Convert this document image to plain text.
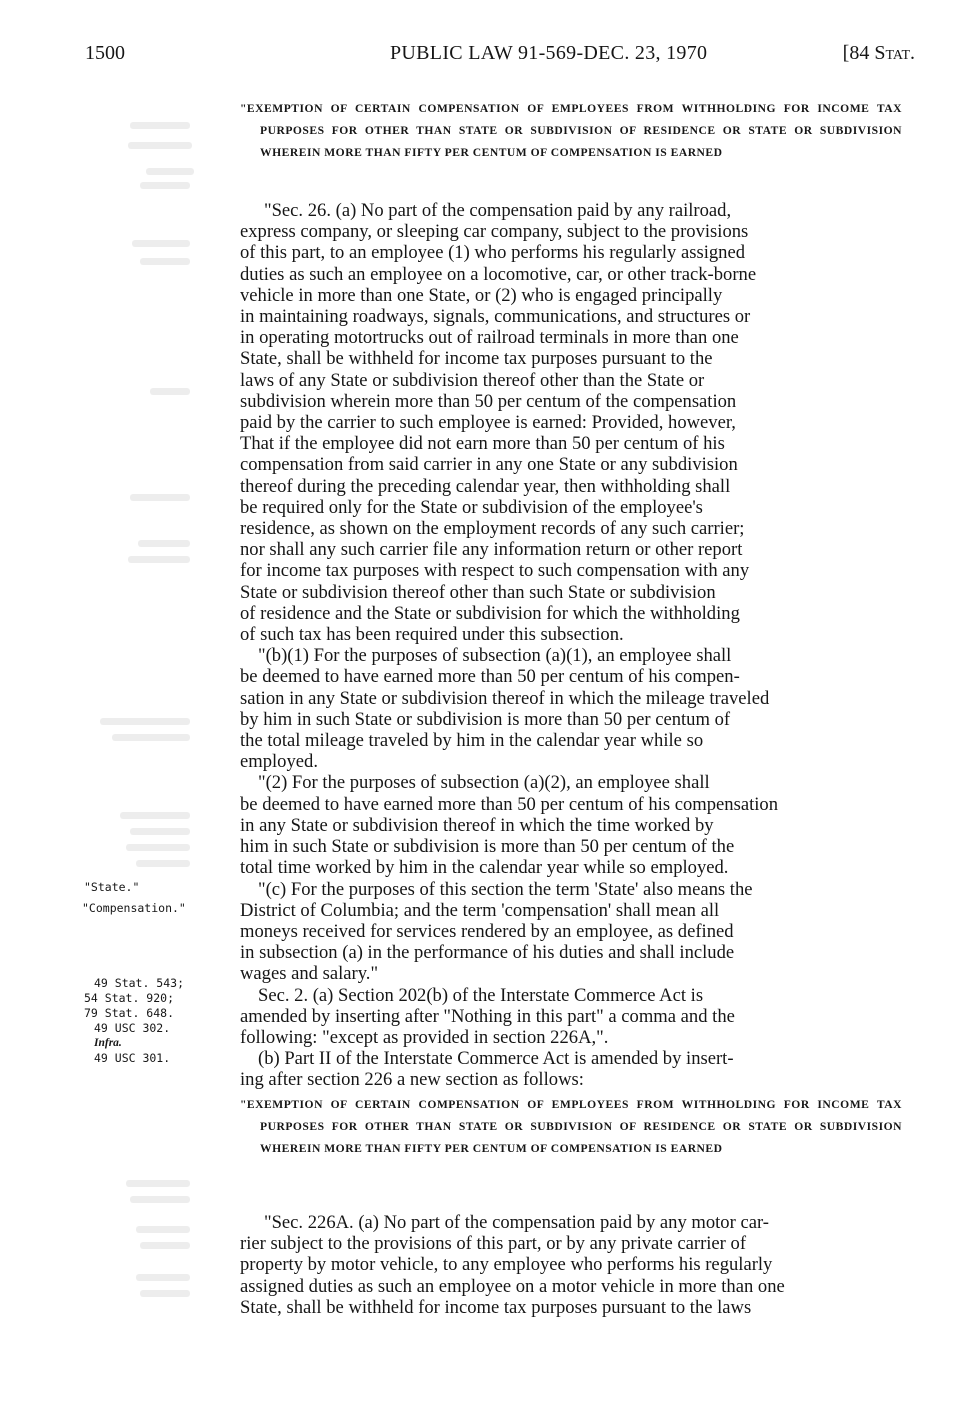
1500	PUBLIC LAW 91-569-DEC. 23, 1970	[84 Stat.

"EXEMPTION OF CERTAIN COMPENSATION OF EMPLOYEES FROM WITHHOLDING FOR INCOME TAX PURPOSES FOR OTHER THAN STATE OR SUBDIVISION OF RESIDENCE OR STATE OR SUBDIVISION WHEREIN MORE THAN FIFTY PER CENTUM OF COMPENSATION IS EARNED

"Sec. 26. (a) No part of the compensation paid by any railroad,
express company, or sleeping car company, subject to the provisions

of this part, to an employee (1) who performs his regularly assigned
duties as such an employee on a locomotive, car, or other track-borne
vehicle in more than one State, or (2) who is engaged principally
in maintaining roadways, signals, communications, and structures or
in operating motortrucks out of railroad terminals in more than one
State, shall be withheld for income tax purposes pursuant to the
laws of any State or subdivision thereof other than the State or
subdivision wherein more than 50 per centum of the compensation
paid by the carrier to such employee is earned: Provided, however,
That if the employee did not earn more than 50 per centum of his
compensation from said carrier in any one State or any subdivision
thereof during the preceding calendar year, then withholding shall
be required only for the State or subdivision of the employee's
residence, as shown on the employment records of any such carrier;
nor shall any such carrier file any information return or other report
for income tax purposes with respect to such compensation with any
State or subdivision thereof other than such State or subdivision
of residence and the State or subdivision for which the withholding
of such tax has been required under this subsection.
"(b)(1) For the purposes of subsection (a)(1), an employee shall
be deemed to have earned more than 50 per centum of his compen-
sation in any State or subdivision thereof in which the mileage traveled
by him in such State or subdivision is more than 50 per centum of
the total mileage traveled by him in the calendar year while so
employed.
"(2) For the purposes of subsection (a)(2), an employee shall
be deemed to have earned more than 50 per centum of his compensation
in any State or subdivision thereof in which the time worked by
him in such State or subdivision is more than 50 per centum of the
total time worked by him in the calendar year while so employed.
"(c) For the purposes of this section the term 'State' also means the
District of Columbia; and the term 'compensation' shall mean all
moneys received for services rendered by an employee, as defined
in subsection (a) in the performance of his duties and shall include
wages and salary."
Sec. 2. (a) Section 202(b) of the Interstate Commerce Act is
amended by inserting after "Nothing in this part" a comma and the
following: "except as provided in section 226A,".
(b) Part II of the Interstate Commerce Act is amended by insert-
ing after section 226 a new section as follows:

"EXEMPTION OF CERTAIN COMPENSATION OF EMPLOYEES FROM WITHHOLDING FOR INCOME TAX PURPOSES FOR OTHER THAN STATE OR SUBDIVISION OF RESIDENCE OR STATE OR SUBDIVISION WHEREIN MORE THAN FIFTY PER CENTUM OF COMPENSATION IS EARNED

"Sec. 226A. (a) No part of the compensation paid by any motor car-
rier subject to the provisions of this part, or by any private carrier of
property by motor vehicle, to any employee who performs his regularly
assigned duties as such an employee on a motor vehicle in more than one
State, shall be withheld for income tax purposes pursuant to the laws
"State."
"Compensation."
49 Stat. 543;
54 Stat. 920;
79 Stat. 648.
49 USC 302.
Infra.
49 USC 301.
